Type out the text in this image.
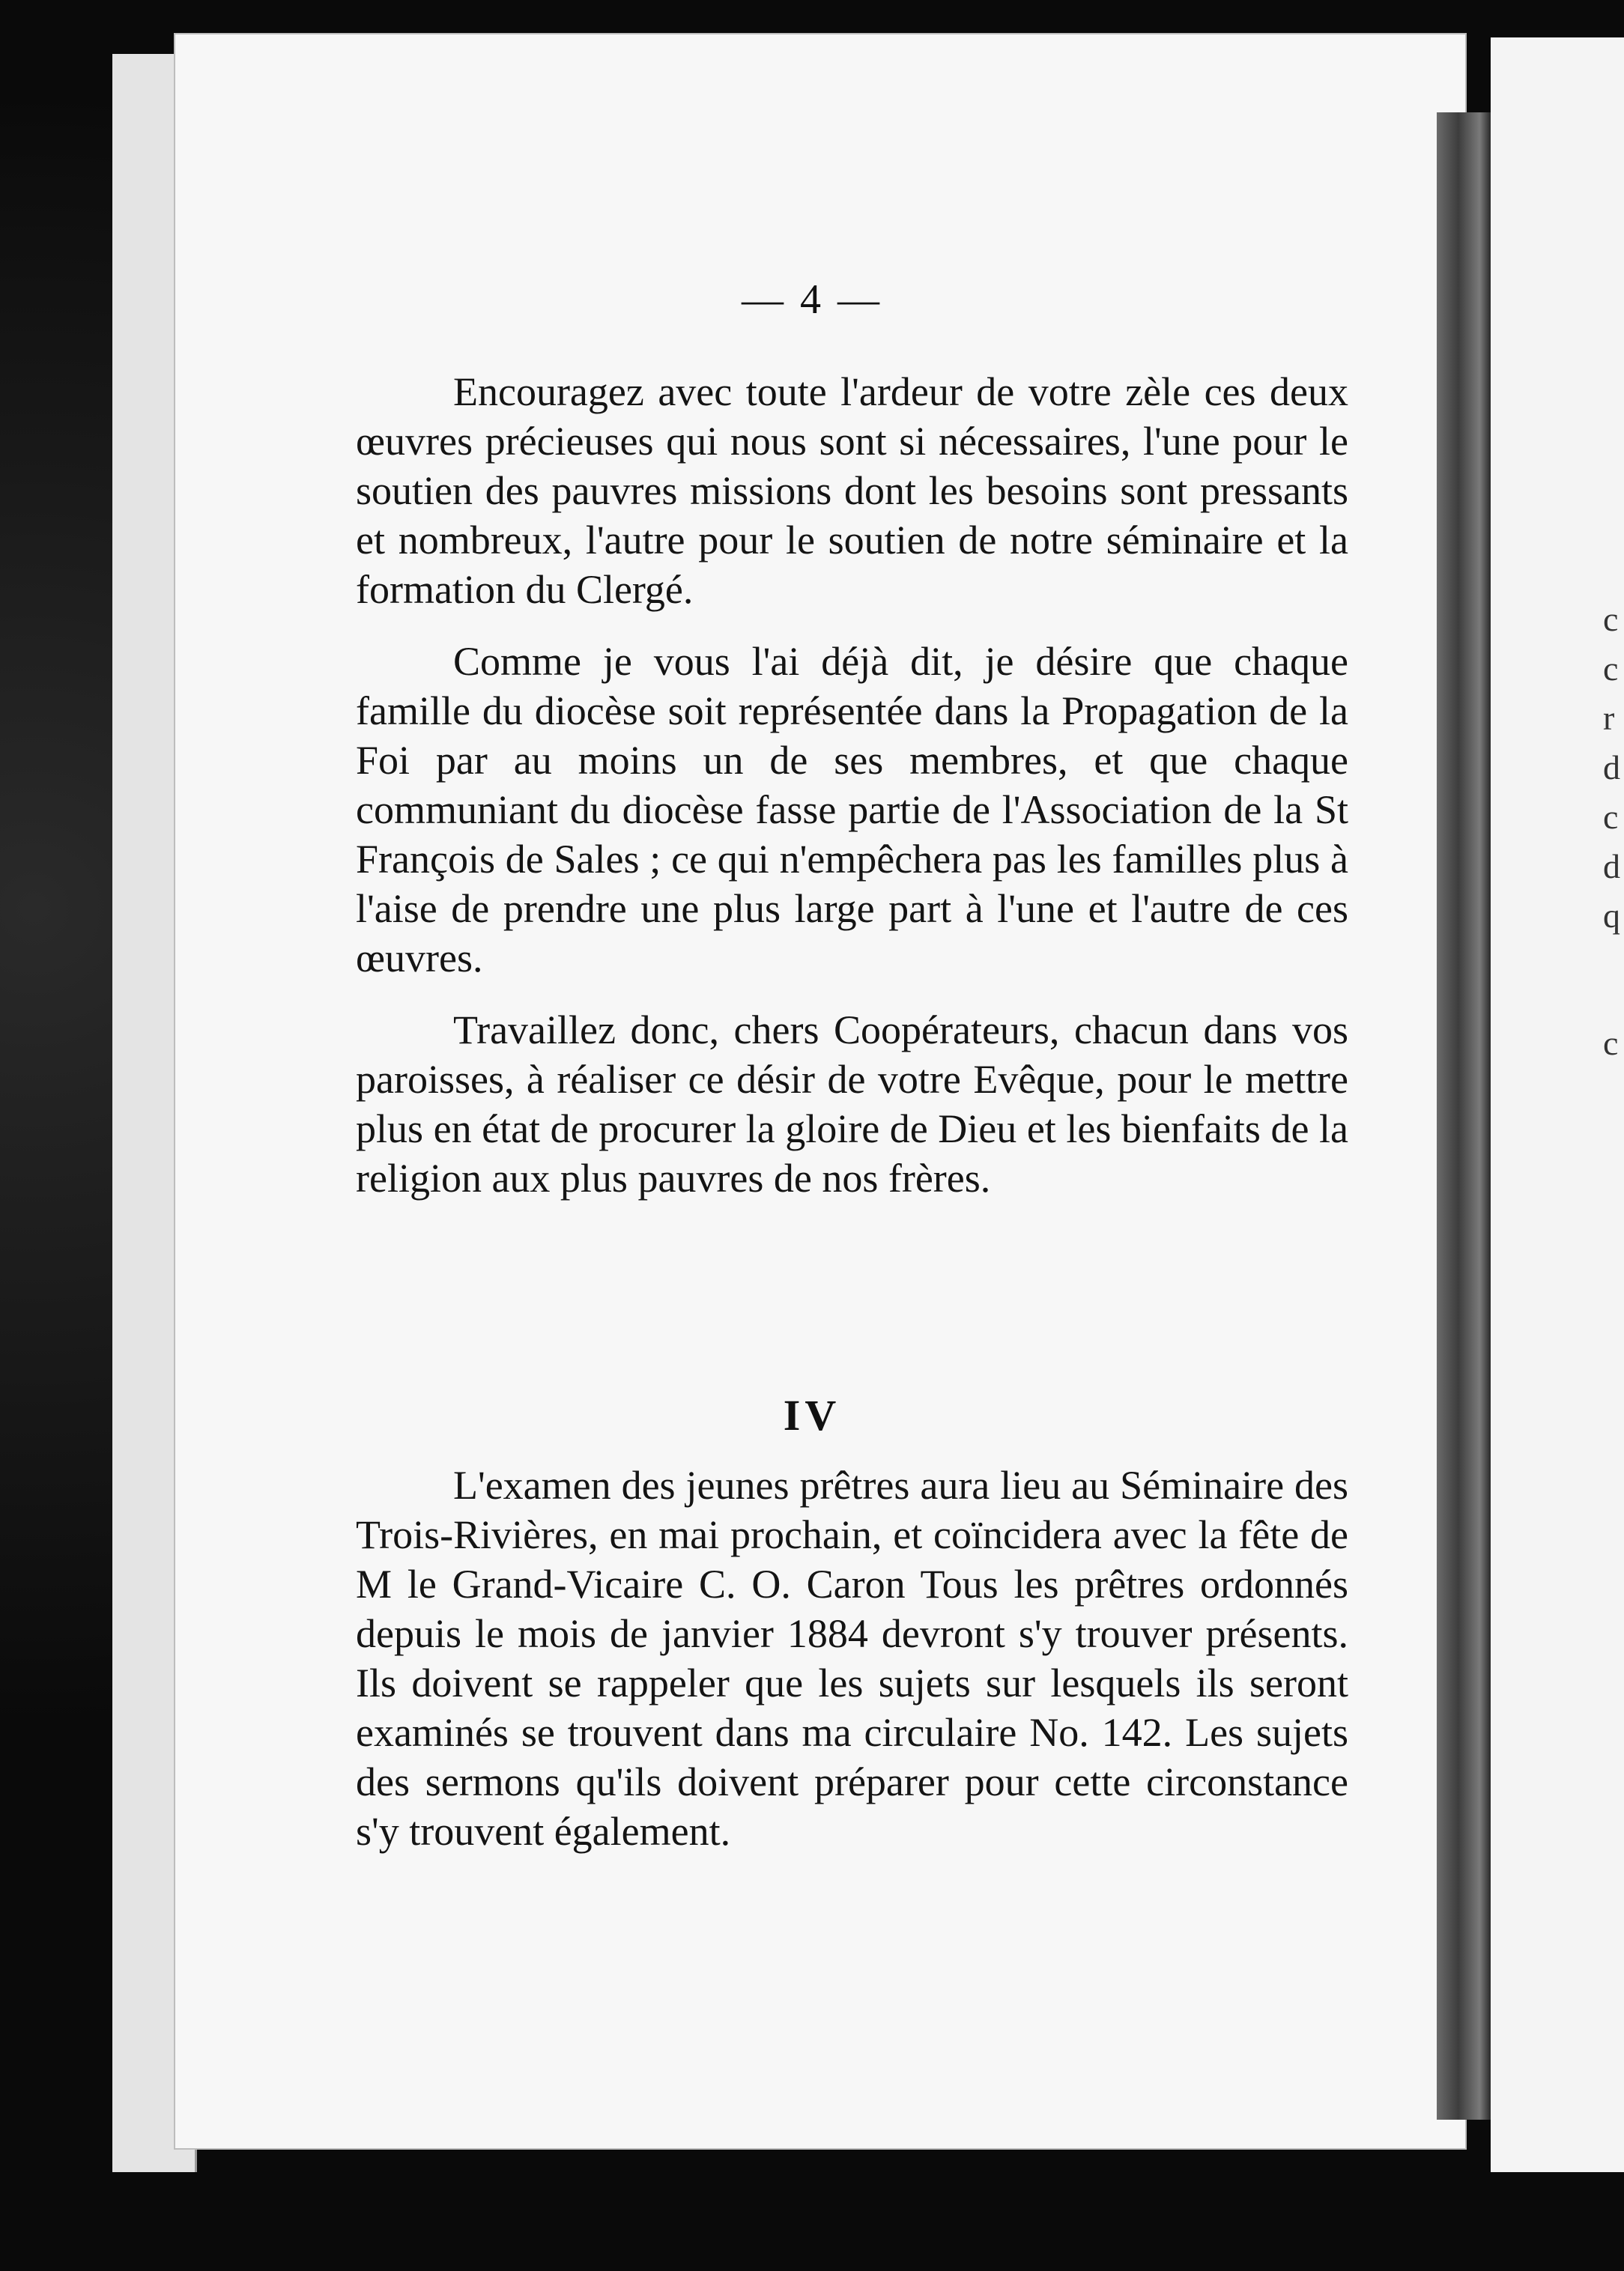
— 4 —

Encouragez avec toute l'ardeur de votre zèle ces deux œuvres précieuses qui nous sont si nécessaires, l'une pour le soutien des pauvres missions dont les besoins sont pressants et nombreux, l'autre pour le soutien de notre séminaire et la formation du Clergé.

Comme je vous l'ai déjà dit, je désire que chaque famille du diocèse soit représentée dans la Propagation de la Foi par au moins un de ses membres, et que chaque communiant du diocèse fasse partie de l'Association de la St François de Sales ; ce qui n'empêchera pas les familles plus à l'aise de prendre une plus large part à l'une et l'autre de ces œuvres.

Travaillez donc, chers Coopérateurs, chacun dans vos paroisses, à réaliser ce désir de votre Evêque, pour le mettre plus en état de procurer la gloire de Dieu et les bienfaits de la religion aux plus pauvres de nos frères.

IV

L'examen des jeunes prêtres aura lieu au Séminaire des Trois-Rivières, en mai prochain, et coïncidera avec la fête de M le Grand-Vicaire C. O. Caron Tous les prêtres ordonnés depuis le mois de janvier 1884 devront s'y trouver présents. Ils doivent se rappeler que les sujets sur lesquels ils seront examinés se trouvent dans ma circulaire No. 142. Les sujets des sermons qu'ils doivent préparer pour cette circonstance s'y trouvent également.

c
c
r
d
c
d
q
c
